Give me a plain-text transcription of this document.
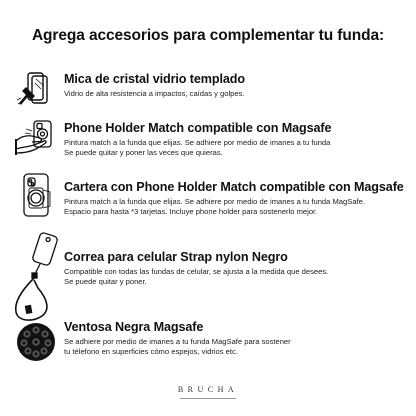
Agrega accesorios para complementar tu funda:
Mica de cristal vidrio templado
Vidrio de alta resistencia a impactos, caídas y golpes.
Phone Holder Match compatible con Magsafe
Pintura match a la funda que elijas. Se adhiere por medio de imanes a tu funda
Se puede quitar y poner las veces que quieras.
Cartera con Phone Holder Match compatible con Magsafe
Pintura match a la funda que elijas. Se adhiere por medio de imanes a tu funda MagSafe.
Espacio para hasta *3 tarjetas. Incluye phone holder para sostenerlo mejor.
Correa para celular Strap nylon Negro
Compatible con todas las fundas de celular, se ajusta a la medida que desees.
Se puede quitar y poner.
Ventosa Negra Magsafe
Se adhiere por medio de imanes a tu funda MagSafe para sostener
tu télefono en superficies cómo espejos, vidrios etc.
BRUCHA
